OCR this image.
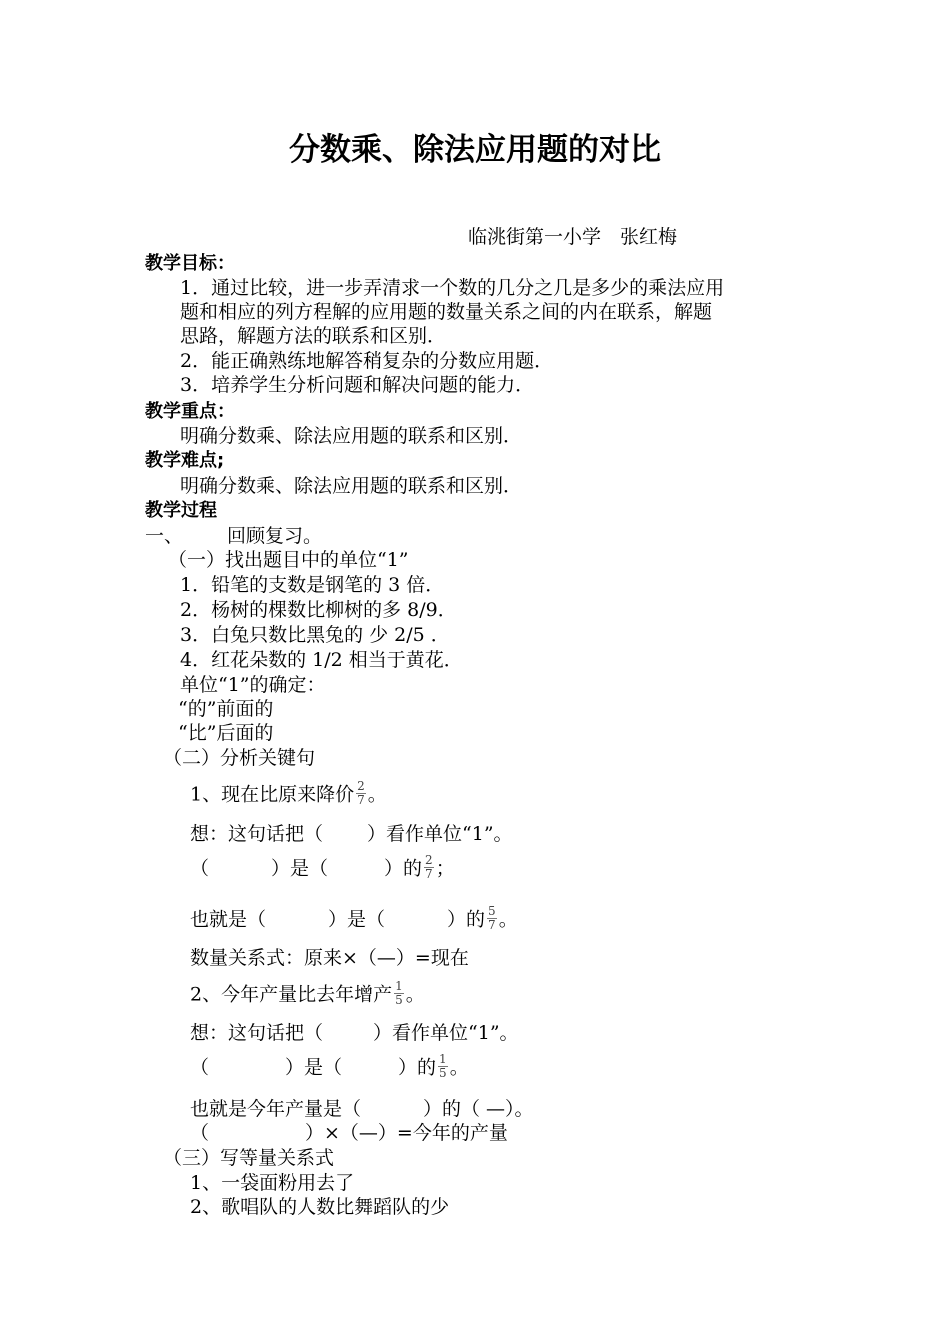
分数乘、除法应用题的对比
临洮街第一小学　张红梅
教学目标：
1．通过比较，进一步弄清求一个数的几分之几是多少的乘法应用
题和相应的列方程解的应用题的数量关系之间的内在联系，解题
思路，解题方法的联系和区别．
2．能正确熟练地解答稍复杂的分数应用题．
3．培养学生分析问题和解决问题的能力．
教学重点：
明确分数乘、除法应用题的联系和区别．
教学难点;
明确分数乘、除法应用题的联系和区别．
教学过程
一、 回顾复习。
（一）找出题目中的单位“1”
1．铅笔的支数是钢笔的 3 倍．
2．杨树的棵数比柳树的多 8/9．
3．白兔只数比黑兔的 少 2/5 ．
4．红花朵数的 1/2 相当于黄花．
单位“1”的确定：
“的”前面的
“比”后面的
（二）分析关键句
1、现在比原来降价 $\frac{2}{7}$ 。
想：这句话把（ ）看作单位“1”。
（	）是（	）的 $\frac{2}{7}$ ；
也就是（	）是（	）的 $\frac{5}{7}$ 。
数量关系式：原来×（—）=现在
2、今年产量比去年增产 $\frac{1}{5}$ 。
想：这句话把（	）看作单位“1”。
（	）是（	）的 $\frac{1}{5}$ 。
也就是今年产量是（	）的（ —）。
（	）×（—）=今年的产量
（三）写等量关系式
1、一袋面粉用去了
2、歌唱队的人数比舞蹈队的少
